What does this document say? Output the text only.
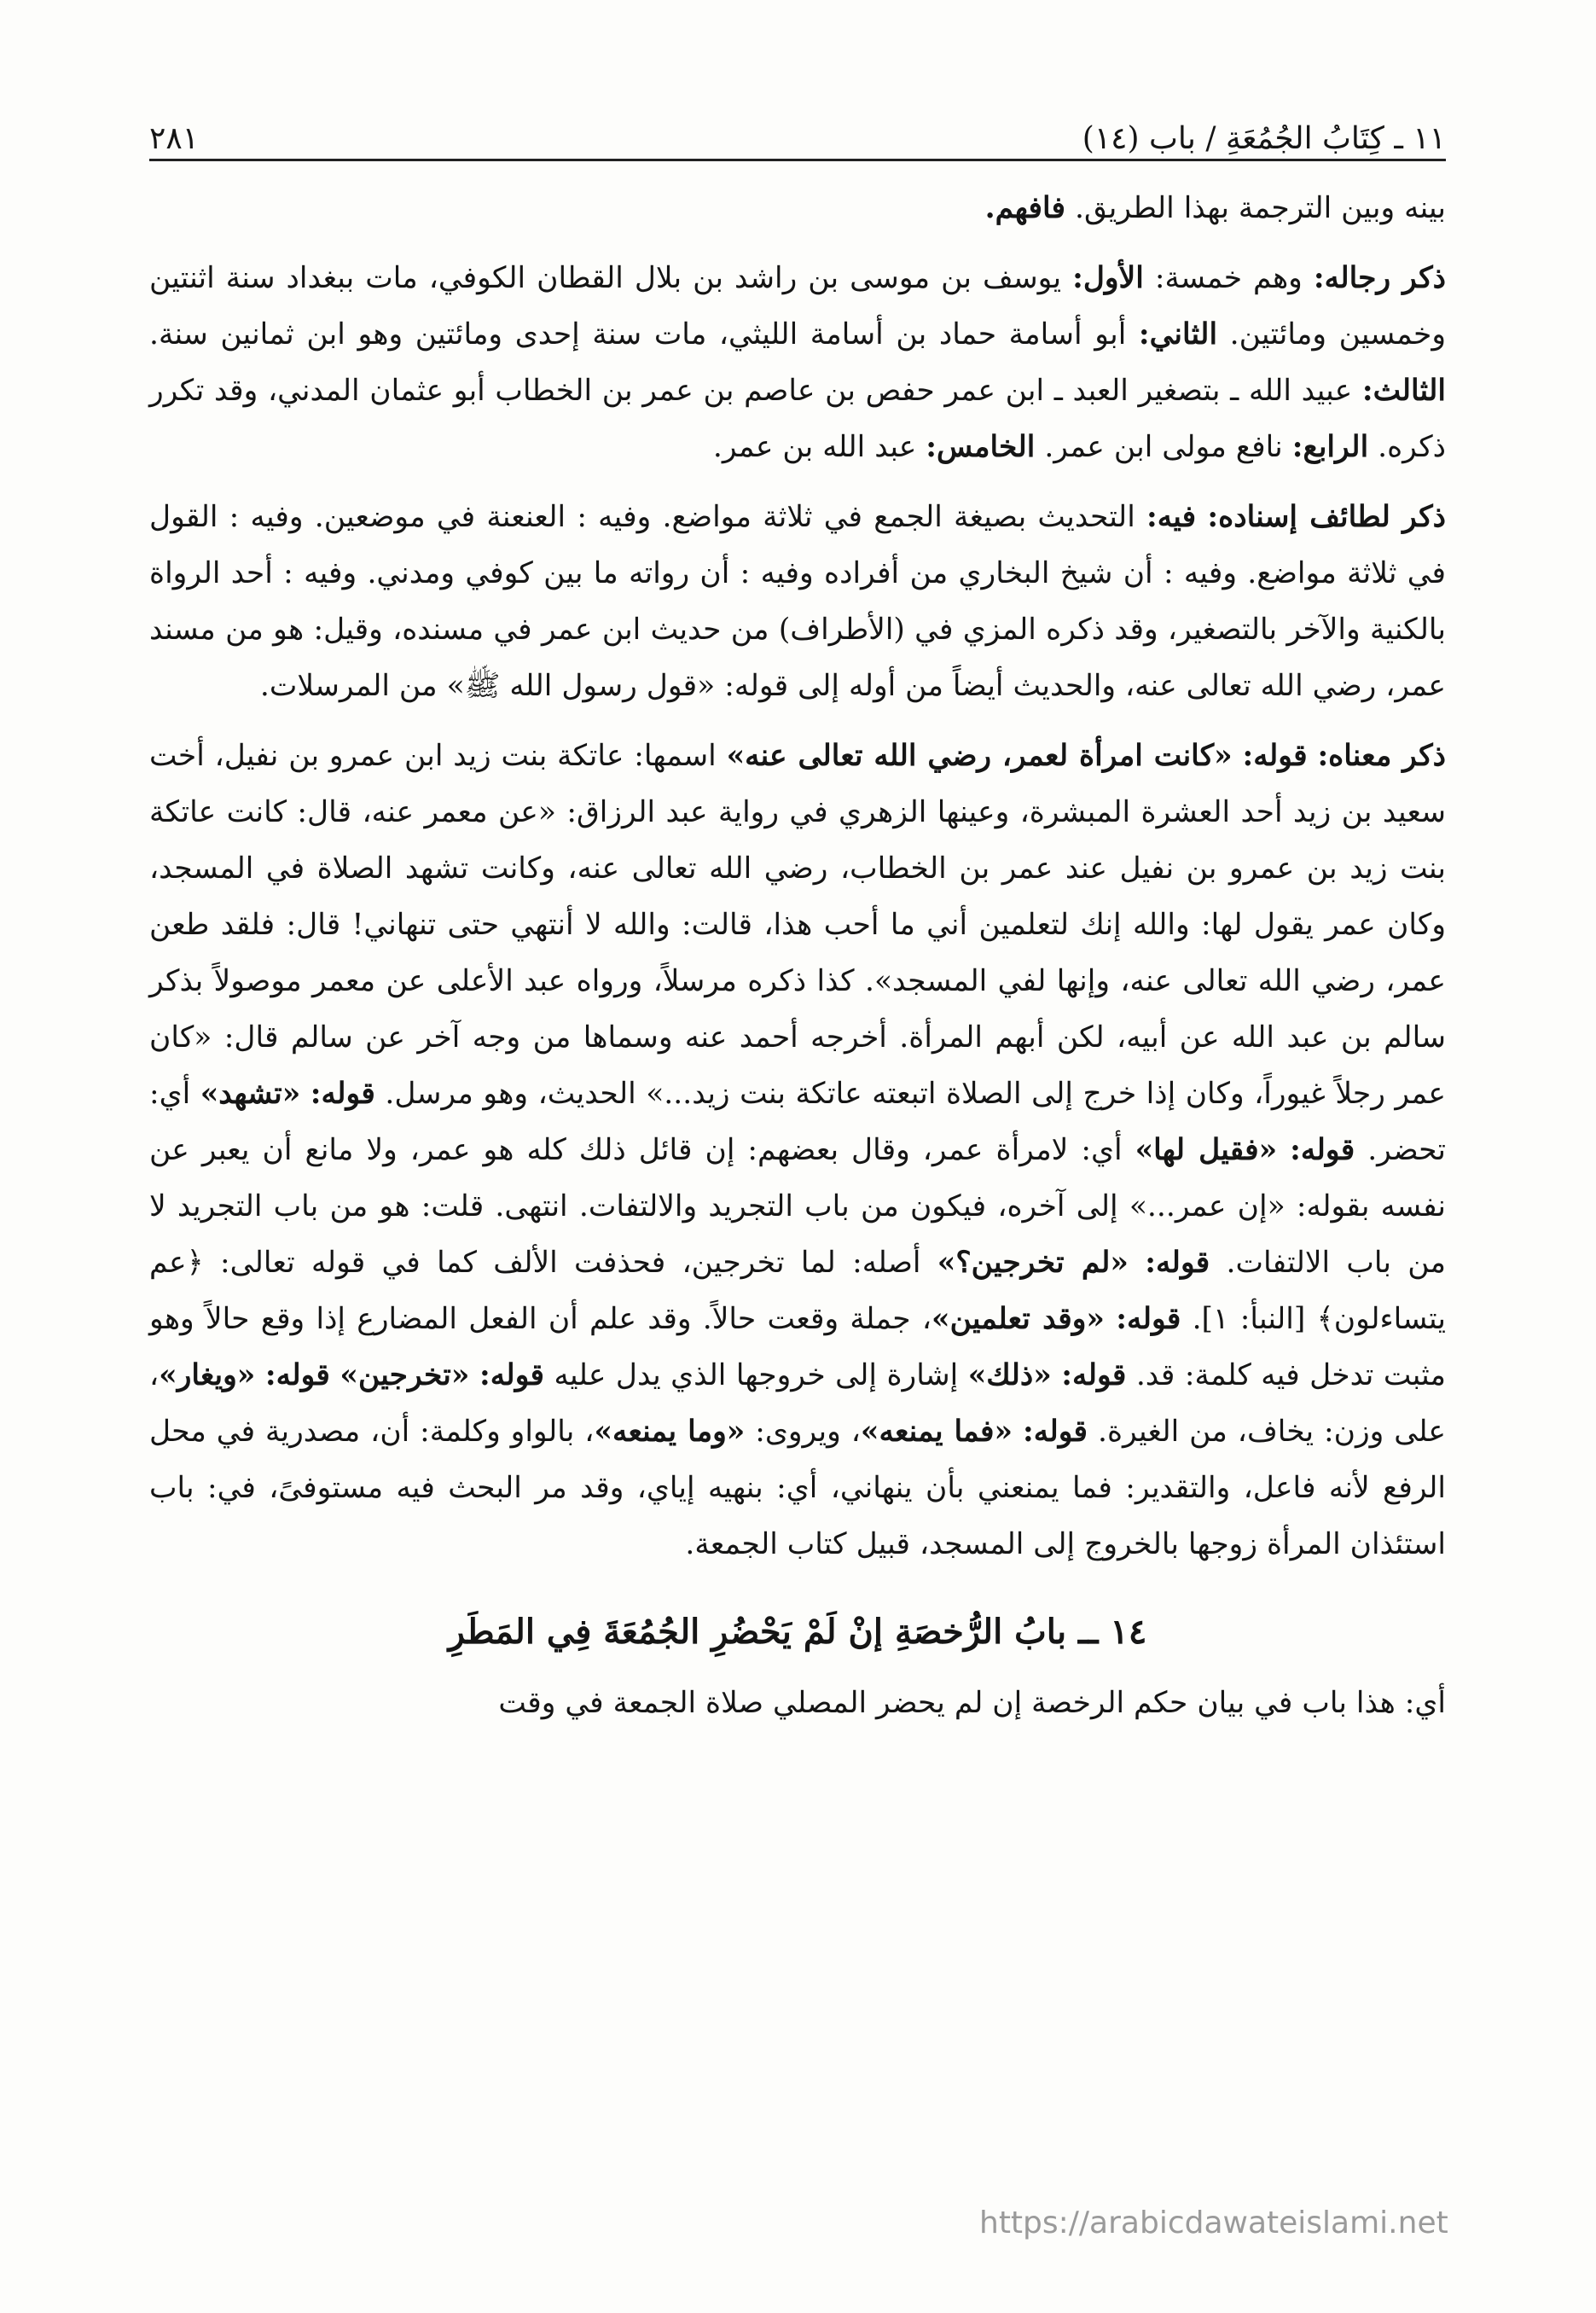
١١ ـ كِتَابُ الجُمُعَةِ / باب (١٤)
٢٨١

بينه وبين الترجمة بهذا الطريق. فافهم.

ذكر رجاله: وهم خمسة: الأول: يوسف بن موسى بن راشد بن بلال القطان الكوفي، مات ببغداد سنة اثنتين وخمسين ومائتين. الثاني: أبو أسامة حماد بن أسامة الليثي، مات سنة إحدى ومائتين وهو ابن ثمانين سنة. الثالث: عبيد الله ـ بتصغير العبد ـ ابن عمر حفص بن عاصم بن عمر بن الخطاب أبو عثمان المدني، وقد تكرر ذكره. الرابع: نافع مولى ابن عمر. الخامس: عبد الله بن عمر.

ذكر لطائف إسناده: فيه: التحديث بصيغة الجمع في ثلاثة مواضع. وفيه : العنعنة في موضعين. وفيه : القول في ثلاثة مواضع. وفيه : أن شيخ البخاري من أفراده وفيه : أن رواته ما بين كوفي ومدني. وفيه : أحد الرواة بالكنية والآخر بالتصغير، وقد ذكره المزي في (الأطراف) من حديث ابن عمر في مسنده، وقيل: هو من مسند عمر، رضي الله تعالى عنه، والحديث أيضاً من أوله إلى قوله: «قول رسول الله ﷺ» من المرسلات.

ذكر معناه: قوله: «كانت امرأة لعمر، رضي الله تعالى عنه» اسمها: عاتكة بنت زيد ابن عمرو بن نفيل، أخت سعيد بن زيد أحد العشرة المبشرة، وعينها الزهري في رواية عبد الرزاق: «عن معمر عنه، قال: كانت عاتكة بنت زيد بن عمرو بن نفيل عند عمر بن الخطاب، رضي الله تعالى عنه، وكانت تشهد الصلاة في المسجد، وكان عمر يقول لها: والله إنك لتعلمين أني ما أحب هذا، قالت: والله لا أنتهي حتى تنهاني! قال: فلقد طعن عمر، رضي الله تعالى عنه، وإنها لفي المسجد». كذا ذكره مرسلاً، ورواه عبد الأعلى عن معمر موصولاً بذكر سالم بن عبد الله عن أبيه، لكن أبهم المرأة. أخرجه أحمد عنه وسماها من وجه آخر عن سالم قال: «كان عمر رجلاً غيوراً، وكان إذا خرج إلى الصلاة اتبعته عاتكة بنت زيد...» الحديث، وهو مرسل. قوله: «تشهد» أي: تحضر. قوله: «فقيل لها» أي: لامرأة عمر، وقال بعضهم: إن قائل ذلك كله هو عمر، ولا مانع أن يعبر عن نفسه بقوله: «إن عمر...» إلى آخره، فيكون من باب التجريد والالتفات. انتهى. قلت: هو من باب التجريد لا من باب الالتفات. قوله: «لم تخرجين؟» أصله: لما تخرجين، فحذفت الألف كما في قوله تعالى: ﴿عم يتساءلون﴾ [النبأ: ١]. قوله: «وقد تعلمين»، جملة وقعت حالاً. وقد علم أن الفعل المضارع إذا وقع حالاً وهو مثبت تدخل فيه كلمة: قد. قوله: «ذلك» إشارة إلى خروجها الذي يدل عليه قوله: «تخرجين» قوله: «ويغار»، على وزن: يخاف، من الغيرة. قوله: «فما يمنعه»، ويروى: «وما يمنعه»، بالواو وكلمة: أن، مصدرية في محل الرفع لأنه فاعل، والتقدير: فما يمنعني بأن ينهاني، أي: بنهيه إياي، وقد مر البحث فيه مستوفىً، في: باب استئذان المرأة زوجها بالخروج إلى المسجد، قبيل كتاب الجمعة.

١٤ ــ بابُ الرُّخصَةِ إنْ لَمْ يَحْضُرِ الجُمُعَةَ فِي المَطَرِ

أي: هذا باب في بيان حكم الرخصة إن لم يحضر المصلي صلاة الجمعة في وقت

https://arabicdawateislami.net
